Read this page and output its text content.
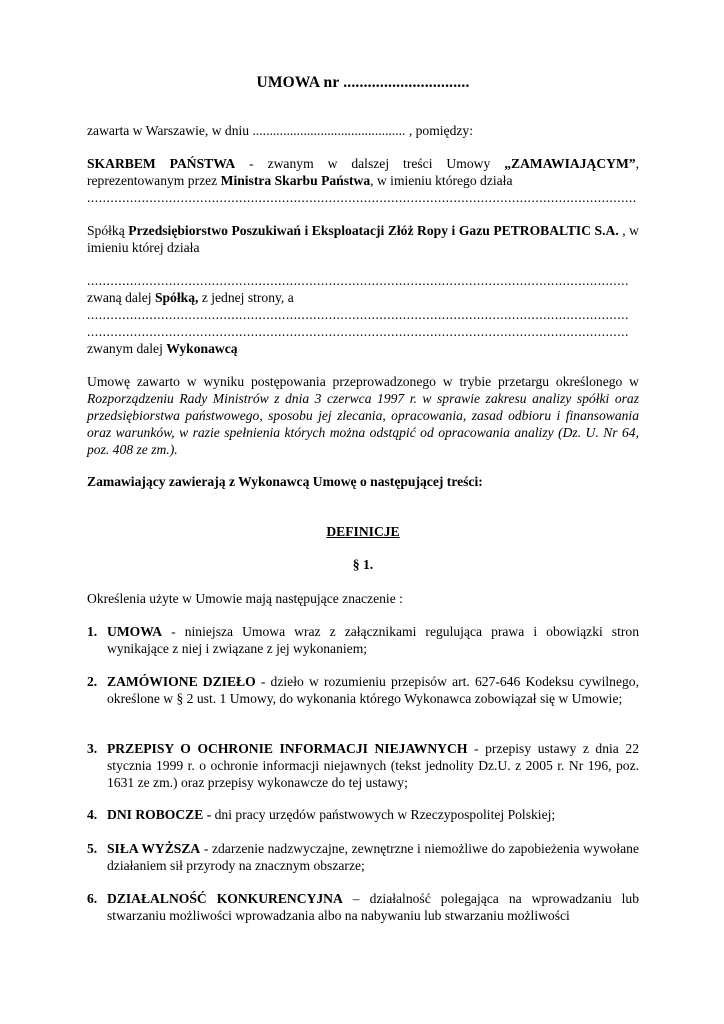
UMOWA nr ...............................

zawarta w Warszawie, w dniu ............................................. , pomiędzy:

SKARBEM PAŃSTWA - zwanym w dalszej treści Umowy „ZAMAWIAJĄCYM”, reprezentowanym przez Ministra Skarbu Państwa, w imieniu którego działa

.............................................................................................................................................

Spółką Przedsiębiorstwo Poszukiwań i Eksploatacji Złóż Ropy i Gazu PETROBALTIC S.A. , w imieniu której działa

...........................................................................................................................................

zwaną dalej Spółką, z jednej strony, a

...........................................................................................................................................

...........................................................................................................................................

zwanym dalej Wykonawcą

Umowę zawarto w wyniku postępowania przeprowadzonego w trybie przetargu określonego w Rozporządzeniu Rady Ministrów z dnia 3 czerwca 1997 r. w sprawie zakresu analizy spółki oraz przedsiębiorstwa państwowego, sposobu jej zlecania, opracowania, zasad odbioru i finansowania oraz warunków, w razie spełnienia których można odstąpić od opracowania analizy (Dz. U. Nr 64, poz. 408 ze zm.).

Zamawiający zawierają z Wykonawcą Umowę o następującej treści:

DEFINICJE

§ 1.

Określenia użyte w Umowie mają następujące znaczenie :

1. UMOWA - niniejsza Umowa wraz z załącznikami regulująca prawa i obowiązki stron wynikające z niej i związane z jej wykonaniem;
2. ZAMÓWIONE DZIEŁO - dzieło w rozumieniu przepisów art. 627-646 Kodeksu cywilnego, określone w § 2 ust. 1 Umowy, do wykonania którego Wykonawca zobowiązał się w Umowie;
3. PRZEPISY O OCHRONIE INFORMACJI NIEJAWNYCH - przepisy ustawy z dnia 22 stycznia 1999 r. o ochronie informacji niejawnych (tekst jednolity Dz.U. z 2005 r. Nr 196, poz. 1631 ze zm.) oraz przepisy wykonawcze do tej ustawy;
4. DNI ROBOCZE - dni pracy urzędów państwowych w Rzeczypospolitej Polskiej;
5. SIŁA WYŻSZA - zdarzenie nadzwyczajne, zewnętrzne i niemożliwe do zapobieżenia wywołane działaniem sił przyrody na znacznym obszarze;
6. DZIAŁALNOŚĆ KONKURENCYJNA – działalność polegająca na wprowadzaniu lub stwarzaniu możliwości wprowadzania albo na nabywaniu lub stwarzaniu możliwości
